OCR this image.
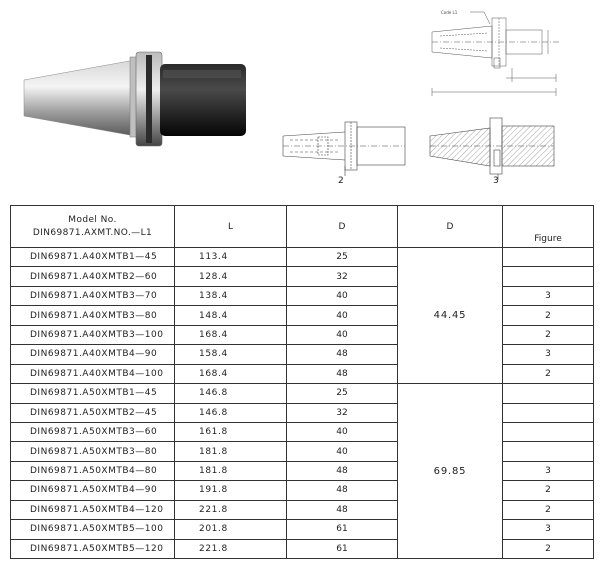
2	3
Code L1
Model No.
DIN69871.AXMT.NO.—L1	L	D	D	Figure
DIN69871.A40XMTB1—45	113.4	25	44.45	
DIN69871.A40XMTB2—60	128.4	32		
DIN69871.A40XMTB3—70	138.4	40		3
DIN69871.A40XMTB3—80	148.4	40		2
DIN69871.A40XMTB3—100	168.4	40		2
DIN69871.A40XMTB4—90	158.4	48		3
DIN69871.A40XMTB4—100	168.4	48		2
DIN69871.A50XMTB1—45	146.8	25	69.85	
DIN69871.A50XMTB2—45	146.8	32		
DIN69871.A50XMTB3—60	161.8	40		
DIN69871.A50XMTB3—80	181.8	40		
DIN69871.A50XMTB4—80	181.8	48		3
DIN69871.A50XMTB4—90	191.8	48		2
DIN69871.A50XMTB4—120	221.8	48		2
DIN69871.A50XMTB5—100	201.8	61		3
DIN69871.A50XMTB5—120	221.8	61		2
